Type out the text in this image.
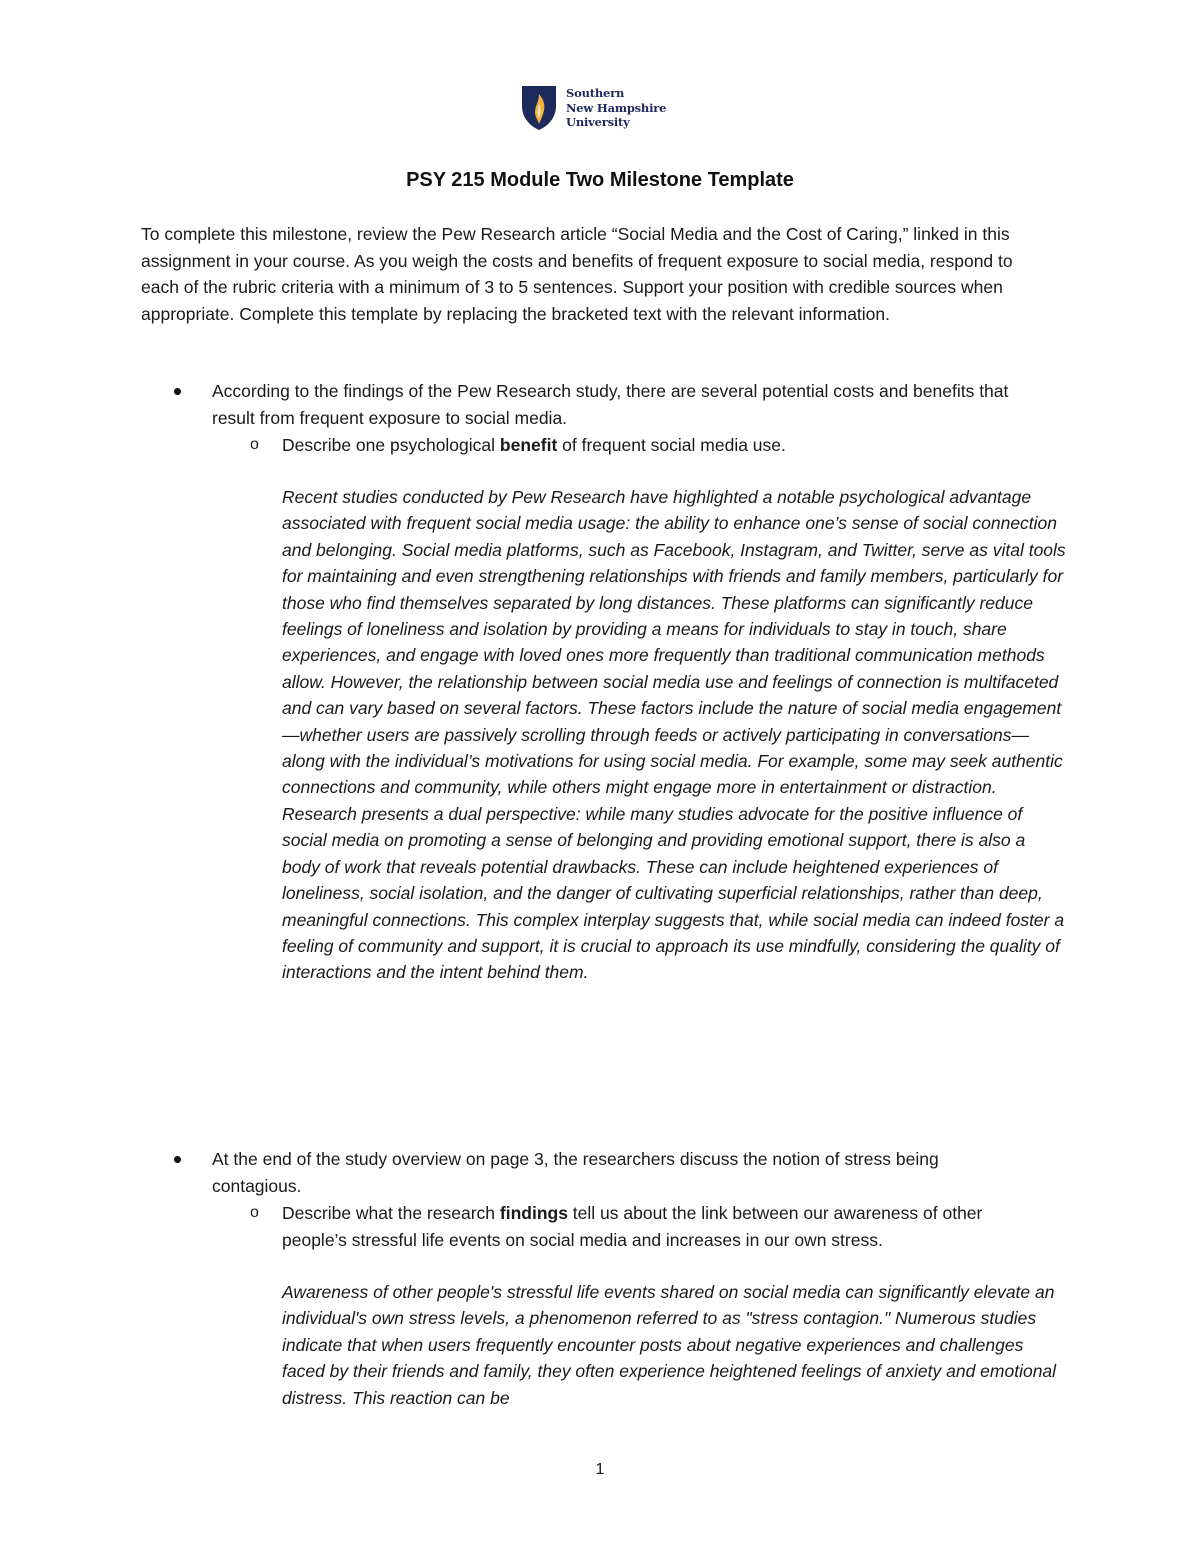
Southern
New Hampshire
University
PSY 215 Module Two Milestone Template
To complete this milestone, review the Pew Research article “Social Media and the Cost of Caring,” linked in this assignment in your course. As you weigh the costs and benefits of frequent exposure to social media, respond to each of the rubric criteria with a minimum of 3 to 5 sentences. Support your position with credible sources when appropriate. Complete this template by replacing the bracketed text with the relevant information.
According to the findings of the Pew Research study, there are several potential costs and benefits that result from frequent exposure to social media.
o Describe one psychological benefit of frequent social media use.
Recent studies conducted by Pew Research have highlighted a notable psychological advantage associated with frequent social media usage: the ability to enhance one’s sense of social connection and belonging. Social media platforms, such as Facebook, Instagram, and Twitter, serve as vital tools for maintaining and even strengthening relationships with friends and family members, particularly for those who find themselves separated by long distances. These platforms can significantly reduce feelings of loneliness and isolation by providing a means for individuals to stay in touch, share experiences, and engage with loved ones more frequently than traditional communication methods allow. However, the relationship between social media use and feelings of connection is multifaceted and can vary based on several factors. These factors include the nature of social media engagement—whether users are passively scrolling through feeds or actively participating in conversations—along with the individual’s motivations for using social media. For example, some may seek authentic connections and community, while others might engage more in entertainment or distraction. Research presents a dual perspective: while many studies advocate for the positive influence of social media on promoting a sense of belonging and providing emotional support, there is also a body of work that reveals potential drawbacks. These can include heightened experiences of loneliness, social isolation, and the danger of cultivating superficial relationships, rather than deep, meaningful connections. This complex interplay suggests that, while social media can indeed foster a feeling of community and support, it is crucial to approach its use mindfully, considering the quality of interactions and the intent behind them.
At the end of the study overview on page 3, the researchers discuss the notion of stress being contagious.
o Describe what the research findings tell us about the link between our awareness of other people’s stressful life events on social media and increases in our own stress.
Awareness of other people's stressful life events shared on social media can significantly elevate an individual's own stress levels, a phenomenon referred to as "stress contagion." Numerous studies indicate that when users frequently encounter posts about negative experiences and challenges faced by their friends and family, they often experience heightened feelings of anxiety and emotional distress. This reaction can be
1
